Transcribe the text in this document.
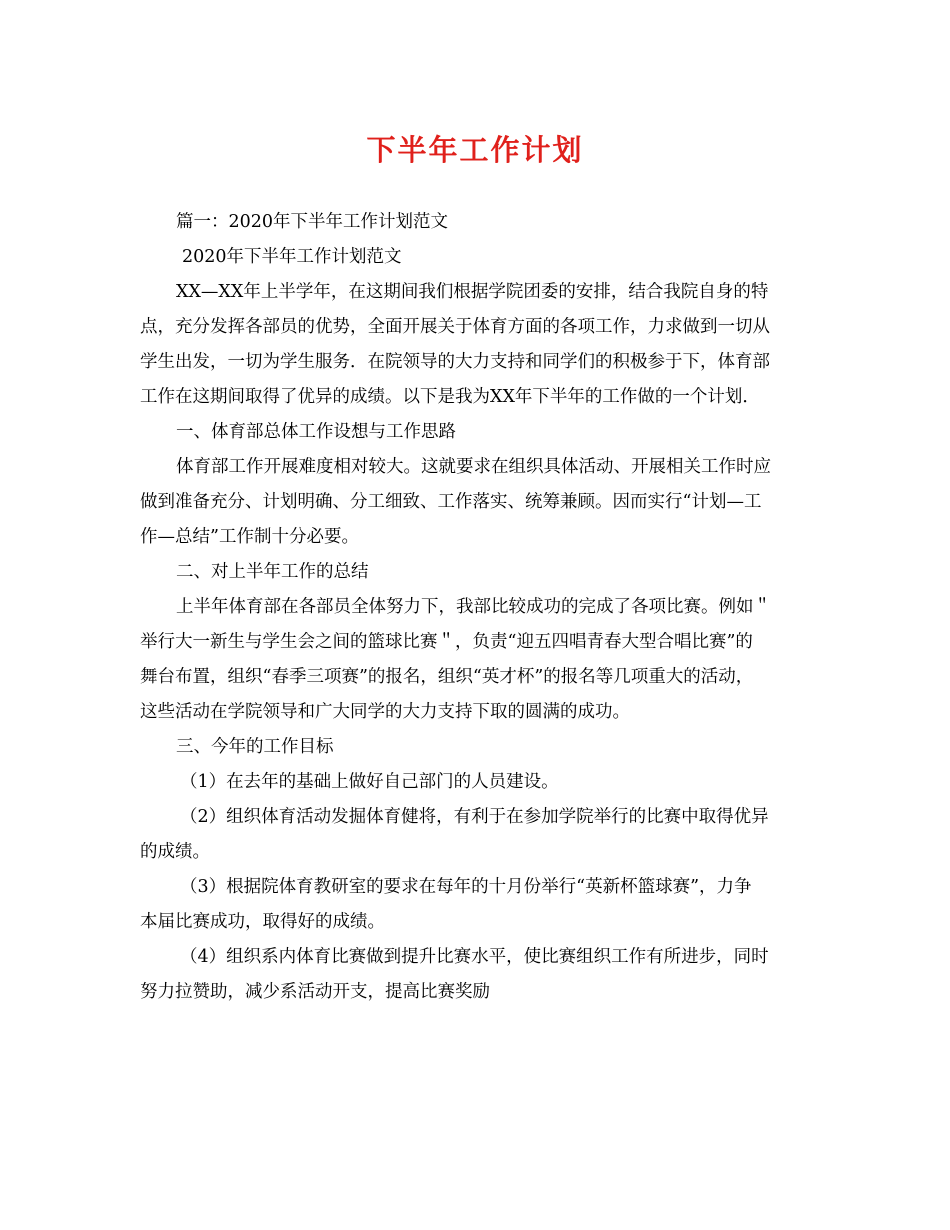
下半年工作计划
篇一：2020年下半年工作计划范文
2020年下半年工作计划范文
XX—XX年上半学年，在这期间我们根据学院团委的安排，结合我院自身的特
点，充分发挥各部员的优势，全面开展关于体育方面的各项工作，力求做到一切从
学生出发，一切为学生服务．在院领导的大力支持和同学们的积极参于下，体育部
工作在这期间取得了优异的成绩。以下是我为XX年下半年的工作做的一个计划．
一、体育部总体工作设想与工作思路
体育部工作开展难度相对较大。这就要求在组织具体活动、开展相关工作时应
做到准备充分、计划明确、分工细致、工作落实、统筹兼顾。因而实行“计划—工
作—总结”工作制十分必要。
二、对上半年工作的总结
上半年体育部在各部员全体努力下，我部比较成功的完成了各项比赛。例如＂
举行大一新生与学生会之间的篮球比赛＂，负责“迎五四唱青春大型合唱比赛”的
舞台布置，组织“春季三项赛”的报名，组织“英才杯”的报名等几项重大的活动，
这些活动在学院领导和广大同学的大力支持下取的圆满的成功。
三、今年的工作目标
（1）在去年的基础上做好自己部门的人员建设。
（2）组织体育活动发掘体育健将，有利于在参加学院举行的比赛中取得优异
的成绩。
（3）根据院体育教研室的要求在每年的十月份举行“英新杯篮球赛”，力争
本届比赛成功，取得好的成绩。
（4）组织系内体育比赛做到提升比赛水平，使比赛组织工作有所进步，同时
努力拉赞助，减少系活动开支，提高比赛奖励
